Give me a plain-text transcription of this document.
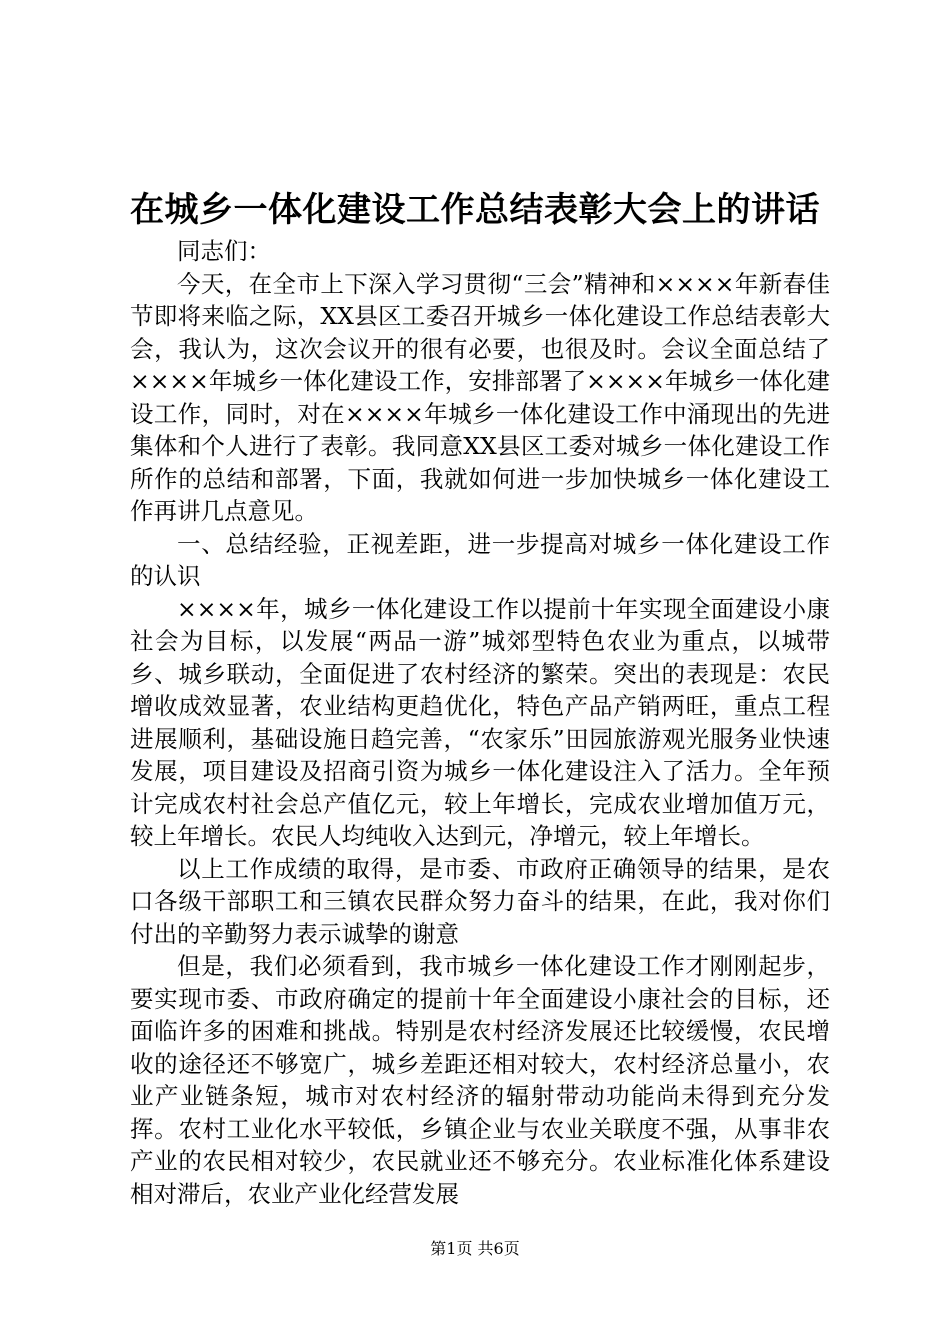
在城乡一体化建设工作总结表彰大会上的讲话

同志们：

今天，在全市上下深入学习贯彻“三会”精神和××××年新春佳节即将来临之际，XX县区工委召开城乡一体化建设工作总结表彰大会，我认为，这次会议开的很有必要，也很及时。会议全面总结了××××年城乡一体化建设工作，安排部署了××××年城乡一体化建设工作，同时，对在××××年城乡一体化建设工作中涌现出的先进集体和个人进行了表彰。我同意XX县区工委对城乡一体化建设工作所作的总结和部署，下面，我就如何进一步加快城乡一体化建设工作再讲几点意见。

一、总结经验，正视差距，进一步提高对城乡一体化建设工作的认识

××××年，城乡一体化建设工作以提前十年实现全面建设小康社会为目标，以发展“两品一游”城郊型特色农业为重点，以城带乡、城乡联动，全面促进了农村经济的繁荣。突出的表现是：农民增收成效显著，农业结构更趋优化，特色产品产销两旺，重点工程进展顺利，基础设施日趋完善，“农家乐”田园旅游观光服务业快速发展，项目建设及招商引资为城乡一体化建设注入了活力。全年预计完成农村社会总产值亿元，较上年增长，完成农业增加值万元，较上年增长。农民人均纯收入达到元，净增元，较上年增长。

以上工作成绩的取得，是市委、市政府正确领导的结果，是农口各级干部职工和三镇农民群众努力奋斗的结果，在此，我对你们付出的辛勤努力表示诚挚的谢意

但是，我们必须看到，我市城乡一体化建设工作才刚刚起步，要实现市委、市政府确定的提前十年全面建设小康社会的目标，还面临许多的困难和挑战。特别是农村经济发展还比较缓慢，农民增收的途径还不够宽广，城乡差距还相对较大，农村经济总量小，农业产业链条短，城市对农村经济的辐射带动功能尚未得到充分发挥。农村工业化水平较低，乡镇企业与农业关联度不强，从事非农产业的农民相对较少，农民就业还不够充分。农业标准化体系建设相对滞后，农业产业化经营发展

第1页 共6页
